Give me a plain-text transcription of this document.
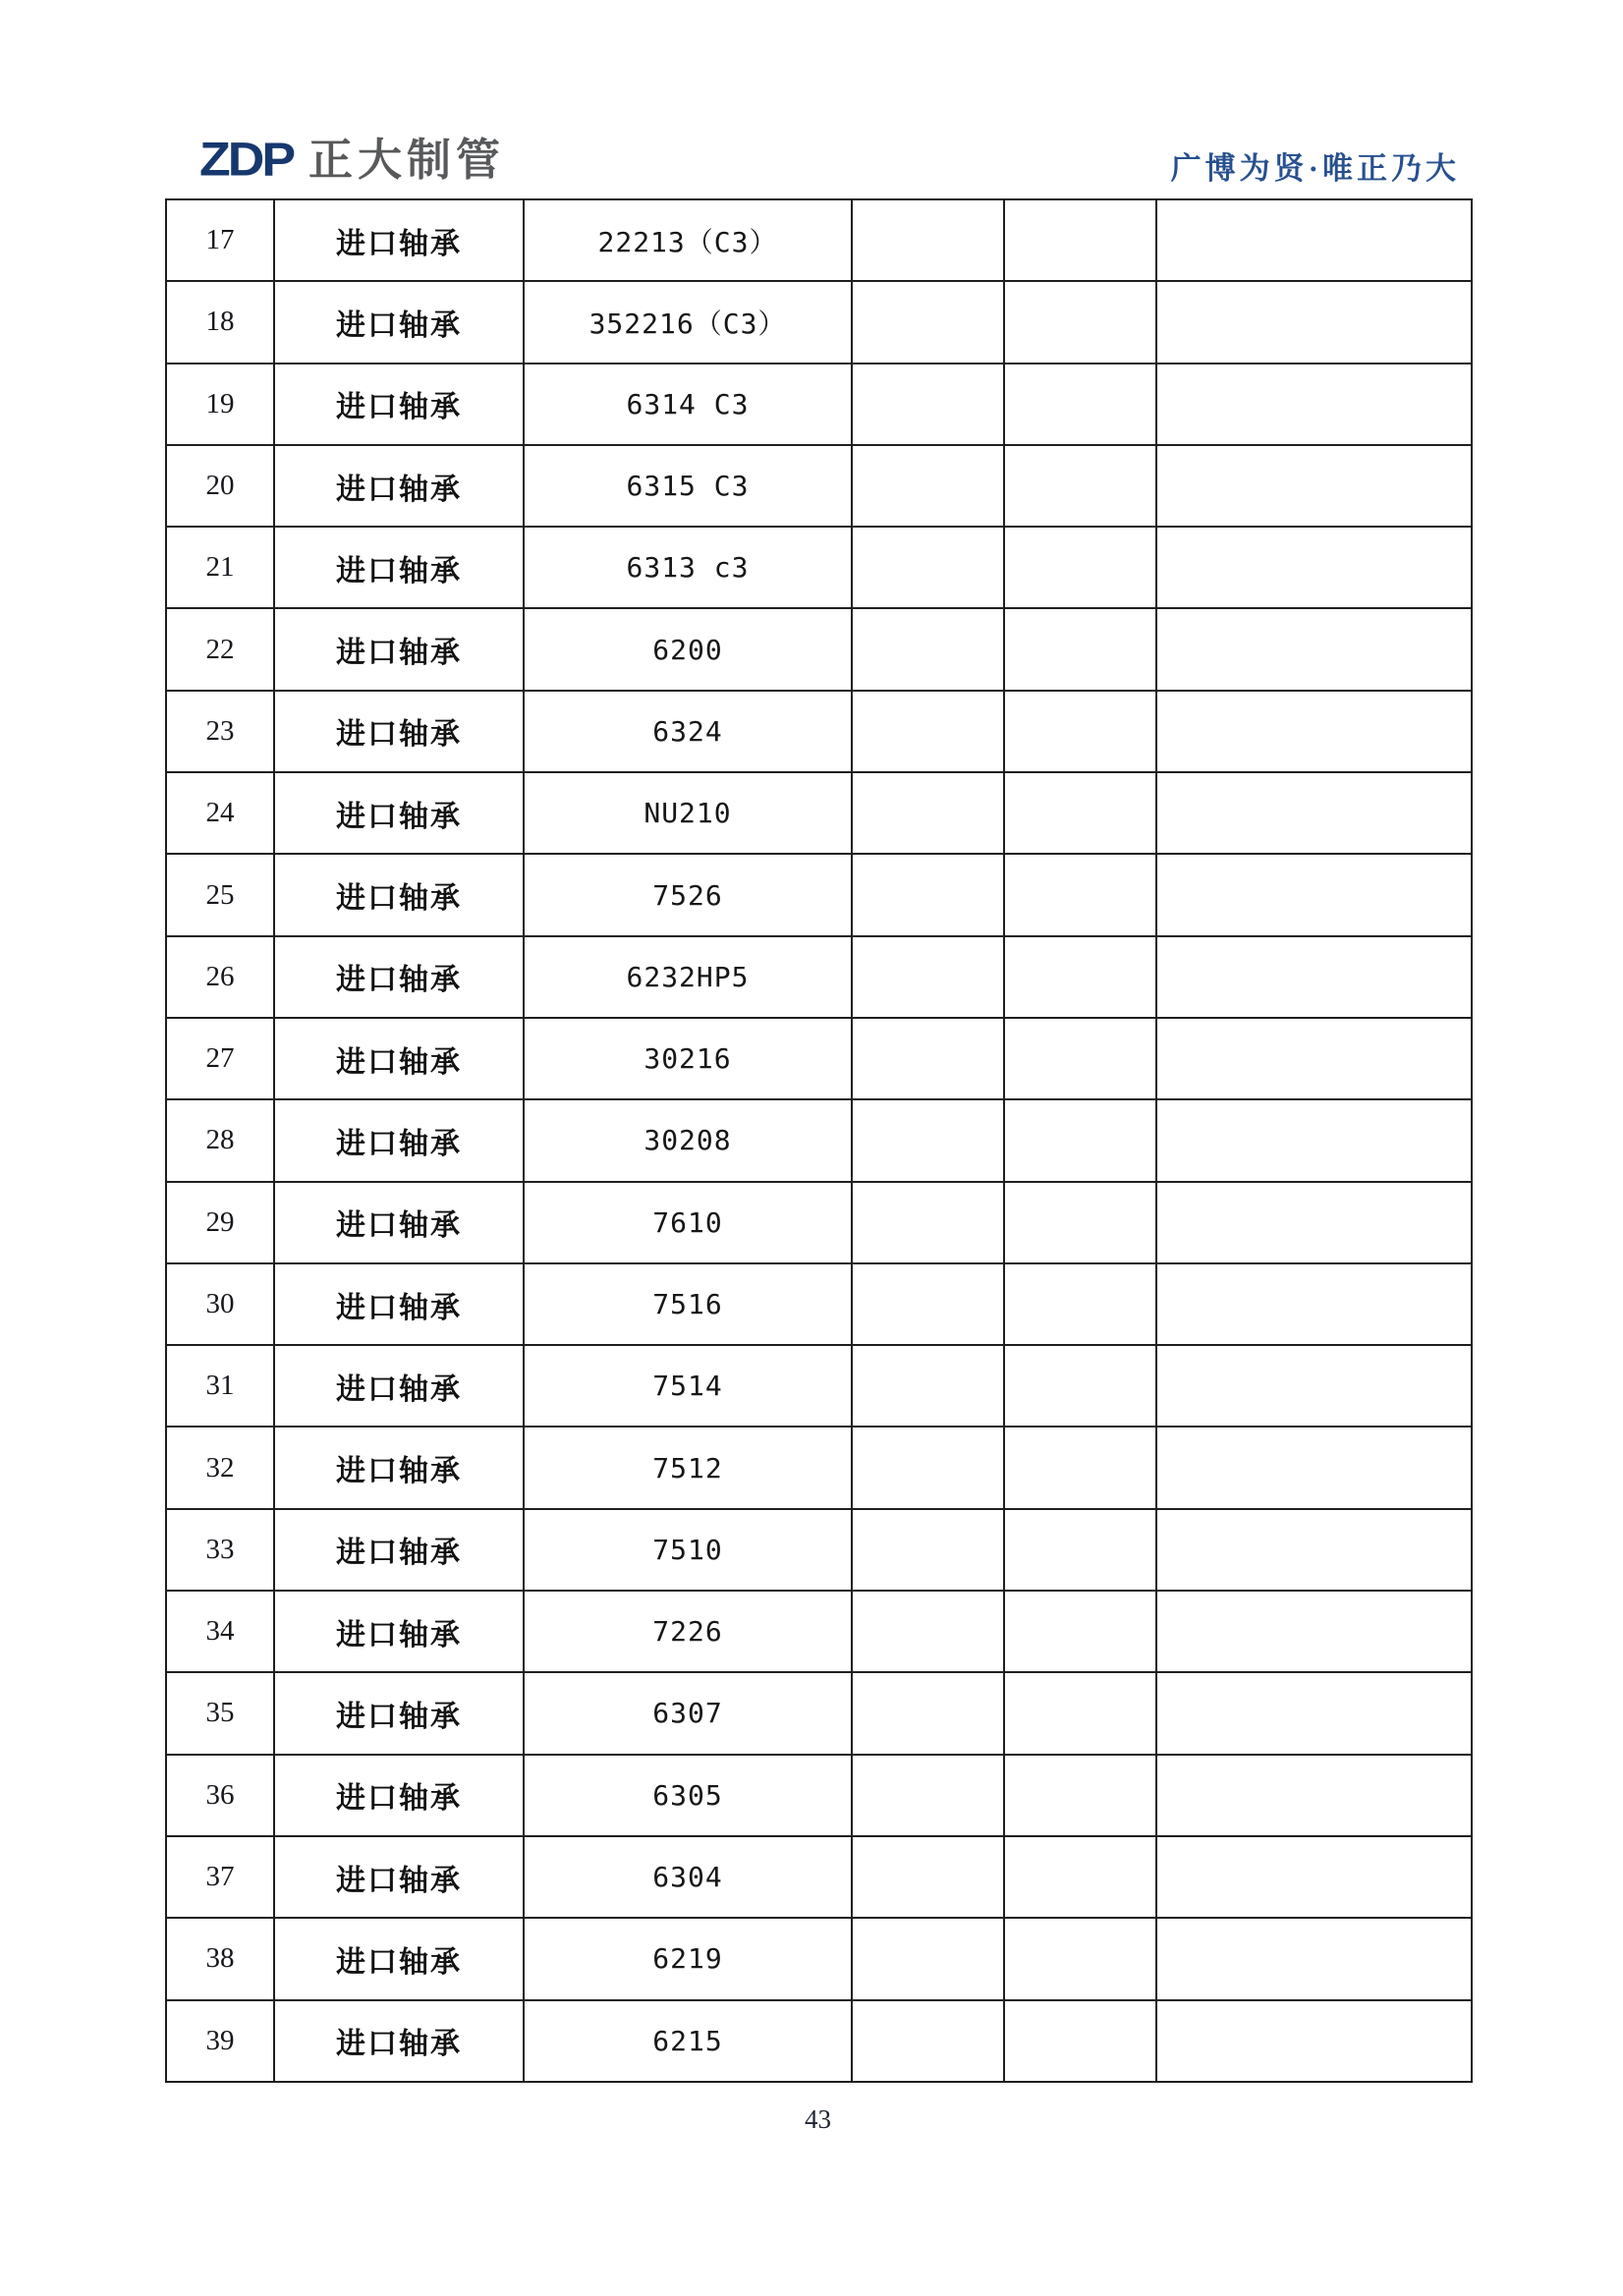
ZDP 正大制管	广博为贤·唯正乃大
17	进口轴承	22213（C3）			
18	进口轴承	352216（C3）			
19	进口轴承	6314 C3			
20	进口轴承	6315 C3			
21	进口轴承	6313 c3			
22	进口轴承	6200			
23	进口轴承	6324			
24	进口轴承	NU210			
25	进口轴承	7526			
26	进口轴承	6232HP5			
27	进口轴承	30216			
28	进口轴承	30208			
29	进口轴承	7610			
30	进口轴承	7516			
31	进口轴承	7514			
32	进口轴承	7512			
33	进口轴承	7510			
34	进口轴承	7226			
35	进口轴承	6307			
36	进口轴承	6305			
37	进口轴承	6304			
38	进口轴承	6219			
39	进口轴承	6215			
43
